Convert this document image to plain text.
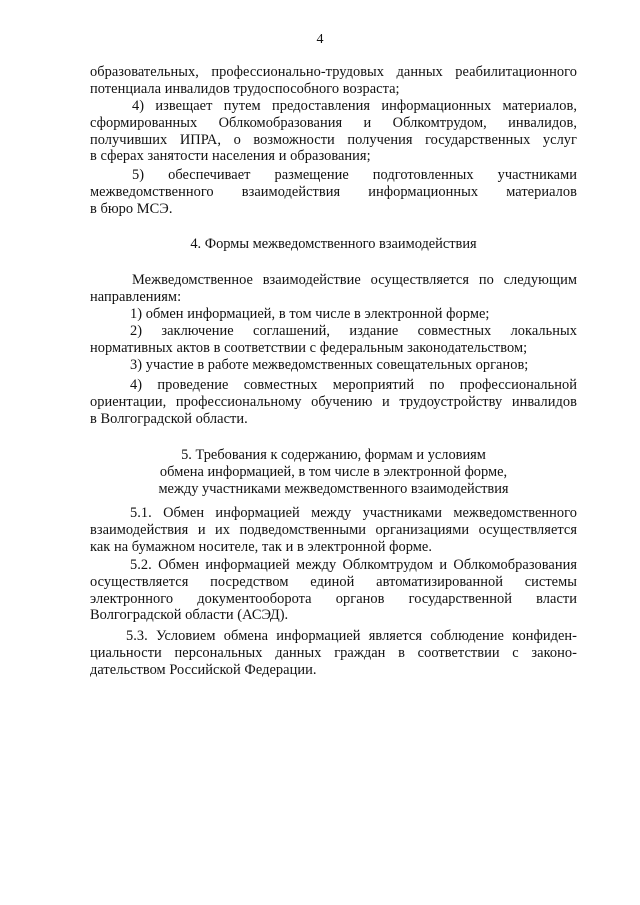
4
образовательных, профессионально-трудовых данных реабилитационного
потенциала инвалидов трудоспособного возраста;
4) извещает путем предоставления информационных материалов,
сформированных Облкомобразования и Облкомтрудом, инвалидов,
получивших ИПРА, о возможности получения государственных услуг
в сферах занятости населения и образования;
5) обеспечивает размещение подготовленных участниками
межведомственного взаимодействия информационных материалов
в бюро МСЭ.
4. Формы межведомственного взаимодействия
Межведомственное взаимодействие осуществляется по следующим
направлениям:
1) обмен информацией, в том числе в электронной форме;
2) заключение соглашений, издание совместных локальных
нормативных актов в соответствии с федеральным законодательством;
3) участие в работе межведомственных совещательных органов;
4) проведение совместных мероприятий по профессиональной
ориентации, профессиональному обучению и трудоустройству инвалидов
в Волгоградской области.
5. Требования к содержанию, формам и условиям
обмена информацией, в том числе в электронной форме,
между участниками межведомственного взаимодействия
5.1. Обмен информацией между участниками межведомственного
взаимодействия и их подведомственными организациями осуществляется
как на бумажном носителе, так и в электронной форме.
5.2. Обмен информацией между Облкомтрудом и Облкомобразования
осуществляется посредством единой автоматизированной системы
электронного документооборота органов государственной власти
Волгоградской области (АСЭД).
5.3. Условием обмена информацией является соблюдение конфиден-
циальности персональных данных граждан в соответствии с законо-
дательством Российской Федерации.
